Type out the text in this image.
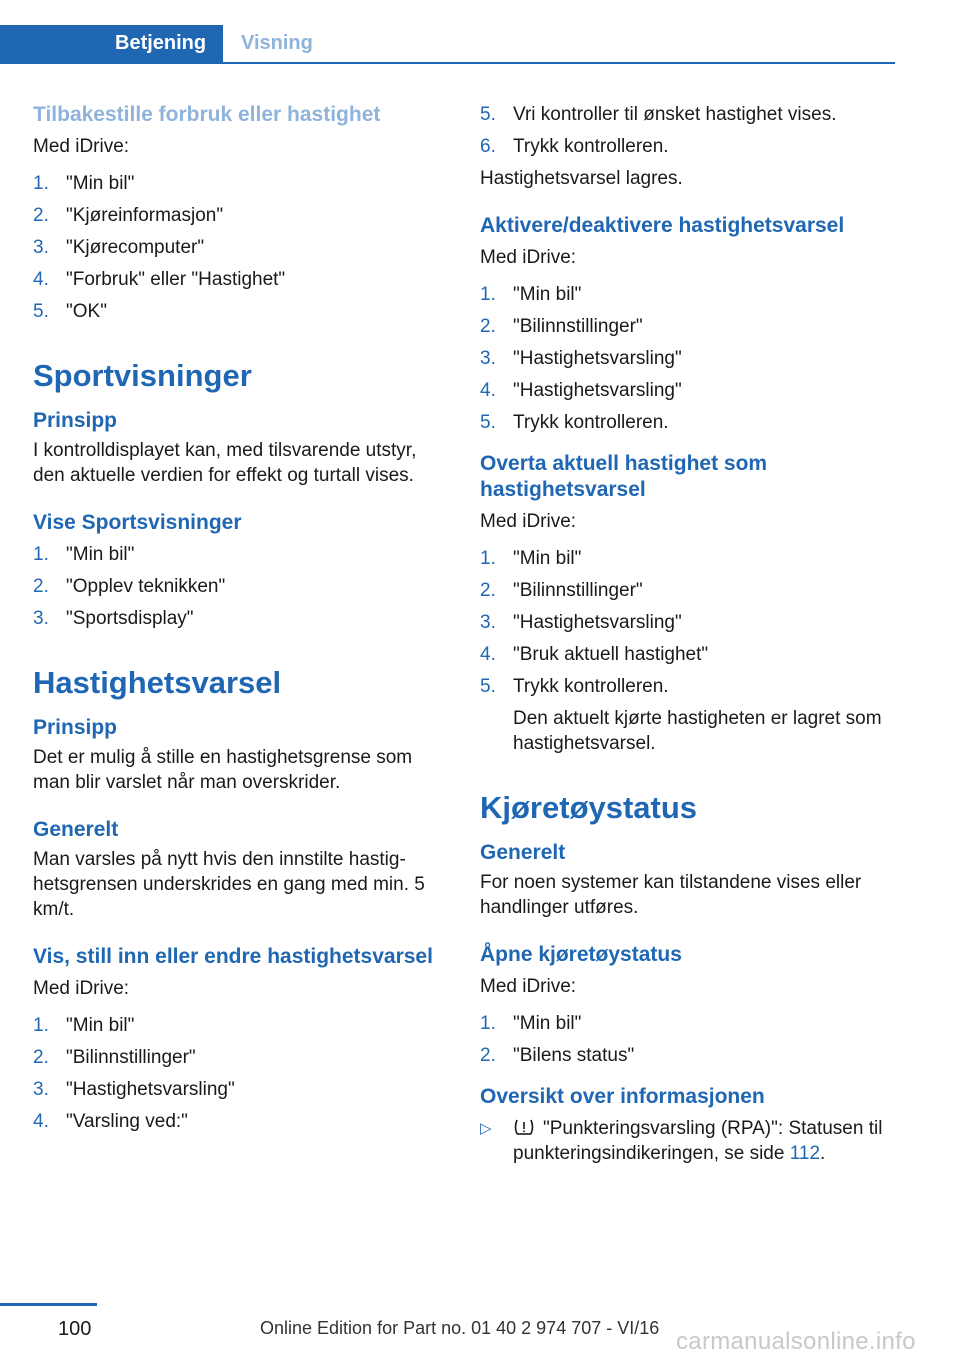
Betjening	Visning

Tilbakestille forbruk eller hastighet

Med iDrive:

1. "Min bil"
2. "Kjøreinformasjon"
3. "Kjørecomputer"
4. "Forbruk" eller "Hastighet"
5. "OK"

Sportvisninger

Prinsipp

I kontrolldisplayet kan, med tilsvarende utstyr, den aktuelle verdien for effekt og turtall vises.

Vise Sportsvisninger

1. "Min bil"
2. "Opplev teknikken"
3. "Sportsdisplay"

Hastighetsvarsel

Prinsipp

Det er mulig å stille en hastighetsgrense som man blir varslet når man overskrider.

Generelt

Man varsles på nytt hvis den innstilte hastig-hetsgrensen underskrides en gang med min. 5 km/t.

Vis, still inn eller endre hastighetsvarsel

Med iDrive:

1. "Min bil"
2. "Bilinnstillinger"
3. "Hastighetsvarsling"
4. "Varsling ved:"
5. Vri kontroller til ønsket hastighet vises.
6. Trykk kontrolleren.

Hastighetsvarsel lagres.

Aktivere/deaktivere hastighetsvarsel

Med iDrive:

1. "Min bil"
2. "Bilinnstillinger"
3. "Hastighetsvarsling"
4. "Hastighetsvarsling"
5. Trykk kontrolleren.

Overta aktuell hastighet som hastighetsvarsel

Med iDrive:

1. "Min bil"
2. "Bilinnstillinger"
3. "Hastighetsvarsling"
4. "Bruk aktuell hastighet"
5. Trykk kontrolleren.
Den aktuelt kjørte hastigheten er lagret som hastighetsvarsel.

Kjøretøystatus

Generelt

For noen systemer kan tilstandene vises eller handlinger utføres.

Åpne kjøretøystatus

Med iDrive:

1. "Min bil"
2. "Bilens status"

Oversikt over informasjonen

▷	"Punkteringsvarsling (RPA)": Statusen til punkteringsindikeringen, se side 112.
100	Online Edition for Part no. 01 40 2 974 707 - VI/16 carmanualsonline.info
